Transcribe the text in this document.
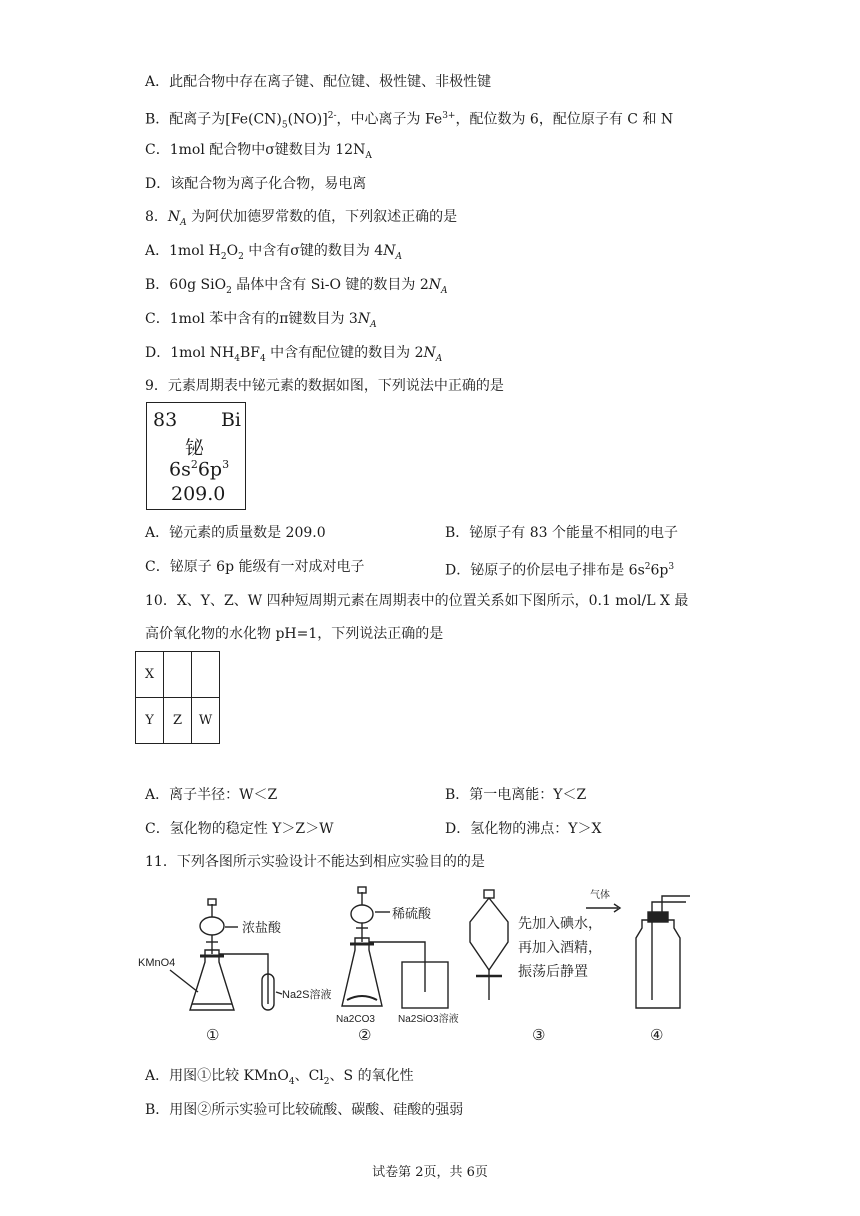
A．此配合物中存在离子键、配位键、极性键、非极性键
B．配离子为$[Fe(CN)_5(NO)]^{2-}$，中心离子为 $Fe^{3+}$，配位数为 6，配位原子有 C 和 N
C．1mol 配合物中σ键数目为 $12N_A$
D．该配合物为离子化合物，易电离
8．$N_A$ 为阿伏加德罗常数的值，下列叙述正确的是
A．1mol $H_2O_2$ 中含有σ键的数目为 $4N_A$
B．60g SiO$_2$ 晶体中含有 Si-O 键的数目为 $2N_A$
C．1mol 苯中含有的π键数目为 $3N_A$
D．1mol $NH_4BF_4$ 中含有配位键的数目为 $2N_A$
9．元素周期表中铋元素的数据如图，下列说法中正确的是
83 Bi
铋
$6s^26p^3$
209.0
A．铋元素的质量数是 209.0	B．铋原子有 83 个能量不相同的电子
C．铋原子 6p 能级有一对成对电子	D．铋原子的价层电子排布是 $6s^26p^3$
10．X、Y、Z、W 四种短周期元素在周期表中的位置关系如下图所示，0.1 mol/L X 最
高价氧化物的水化物 pH=1，下列说法正确的是
X		
Y	Z	W
A．离子半径：W＜Z	B．第一电离能：Y＜Z
C．氢化物的稳定性 Y＞Z＞W	D．氢化物的沸点：Y＞X
11．下列各图所示实验设计不能达到相应实验目的的是
浓盐酸
KMnO4
Na2S溶液
①
稀硫酸
Na2CO3 Na2SiO3溶液
②
先加入碘水，
再加入酒精，
振荡后静置
③
气体
④
A．用图①比较 KMnO$_4$、$Cl_2$、S 的氧化性
B．用图②所示实验可比较硫酸、碳酸、硅酸的强弱
试卷第 2页，共 6页
